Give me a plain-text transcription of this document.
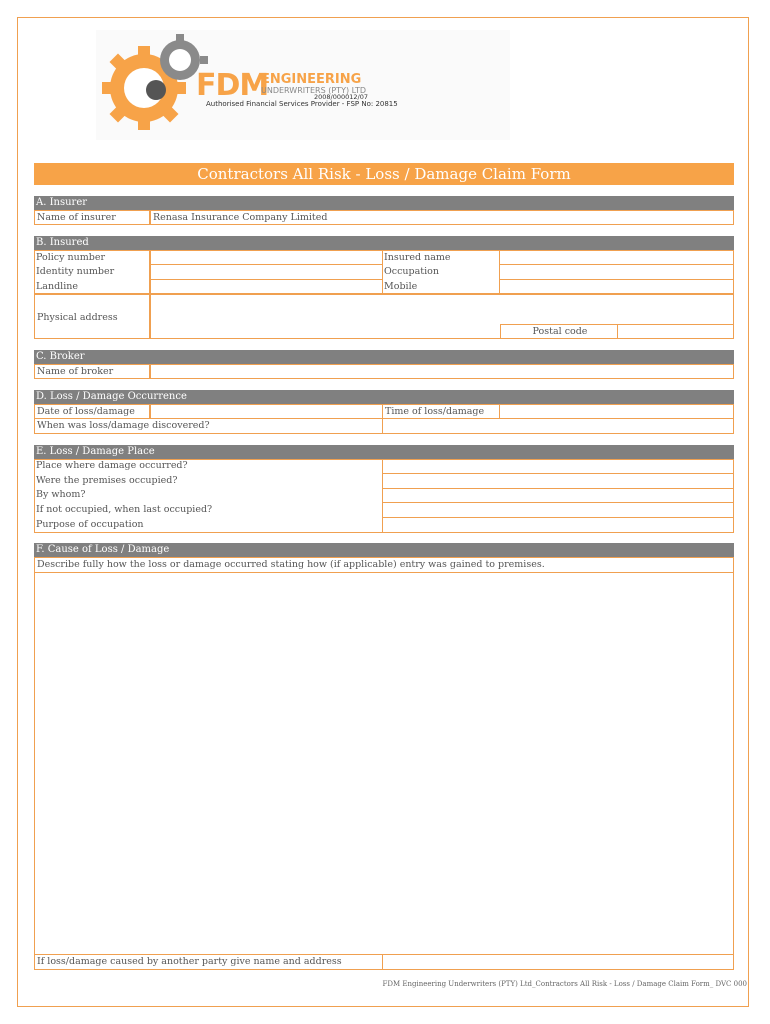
FDM
ENGINEERING
UNDERWRITERS (PTY) LTD
2008/000012/07
Authorised Financial Services Provider - FSP No: 20815
Contractors All Risk - Loss / Damage Claim Form
A. Insurer
Name of insurer	Renasa Insurance Company Limited
B. Insured
Policy number
Identity number
Landline
Insured name
Occupation
Mobile
Physical address
Postal code
C. Broker
Name of broker
D. Loss / Damage Occurrence
Date of loss/damage	Time of loss/damage
When was loss/damage discovered?
E. Loss / Damage Place
Place where damage occurred?
Were the premises occupied?
By whom?
If not occupied, when last occupied?
Purpose of occupation
F. Cause of Loss / Damage
Describe fully how the loss or damage occurred stating how (if applicable) entry was gained to premises.
If loss/damage caused by another party give name and address
FDM Engineering Underwriters (PTY) Ltd_Contractors All Risk - Loss / Damage Claim Form_ DVC 000
